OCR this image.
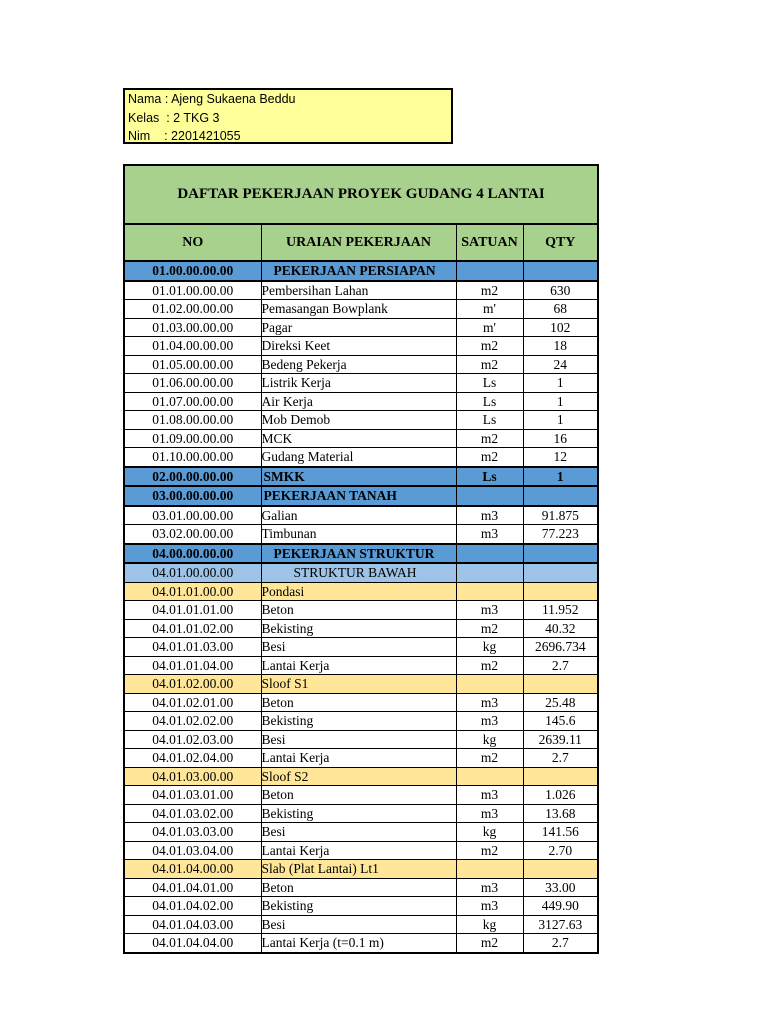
Nama : Ajeng Sukaena Beddu
Kelas  : 2 TKG 3
Nim    : 2201421055
DAFTAR PEKERJAAN PROYEK GUDANG 4 LANTAI			
NO	URAIAN PEKERJAAN	SATUAN	QTY
01.00.00.00.00	PEKERJAAN PERSIAPAN		
01.01.00.00.00	Pembersihan Lahan	m2	630
01.02.00.00.00	Pemasangan Bowplank	m'	68
01.03.00.00.00	Pagar	m'	102
01.04.00.00.00	Direksi Keet	m2	18
01.05.00.00.00	Bedeng Pekerja	m2	24
01.06.00.00.00	Listrik Kerja	Ls	1
01.07.00.00.00	Air Kerja	Ls	1
01.08.00.00.00	Mob Demob	Ls	1
01.09.00.00.00	MCK	m2	16
01.10.00.00.00	Gudang Material	m2	12
02.00.00.00.00	SMKK	Ls	1
03.00.00.00.00	PEKERJAAN TANAH		
03.01.00.00.00	Galian	m3	91.875
03.02.00.00.00	Timbunan	m3	77.223
04.00.00.00.00	PEKERJAAN STRUKTUR		
04.01.00.00.00	STRUKTUR BAWAH		
04.01.01.00.00	Pondasi		
04.01.01.01.00	Beton	m3	11.952
04.01.01.02.00	Bekisting	m2	40.32
04.01.01.03.00	Besi	kg	2696.734
04.01.01.04.00	Lantai Kerja	m2	2.7
04.01.02.00.00	Sloof S1		
04.01.02.01.00	Beton	m3	25.48
04.01.02.02.00	Bekisting	m3	145.6
04.01.02.03.00	Besi	kg	2639.11
04.01.02.04.00	Lantai Kerja	m2	2.7
04.01.03.00.00	Sloof S2		
04.01.03.01.00	Beton	m3	1.026
04.01.03.02.00	Bekisting	m3	13.68
04.01.03.03.00	Besi	kg	141.56
04.01.03.04.00	Lantai Kerja	m2	2.70
04.01.04.00.00	Slab (Plat Lantai) Lt1		
04.01.04.01.00	Beton	m3	33.00
04.01.04.02.00	Bekisting	m3	449.90
04.01.04.03.00	Besi	kg	3127.63
04.01.04.04.00	Lantai Kerja (t=0.1 m)	m2	2.7
